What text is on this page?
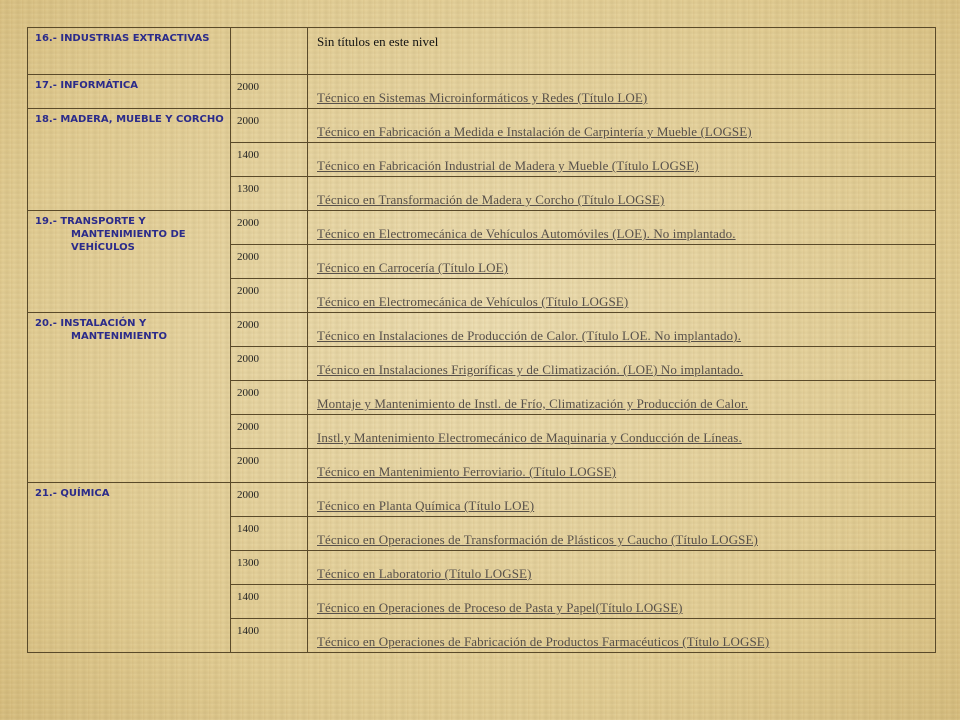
16.- INDUSTRIAS EXTRACTIVAS		Sin títulos en este nivel

17.- INFORMÁTICA	2000	Técnico en Sistemas Microinformáticos y Redes (Título LOE)

18.- MADERA, MUEBLE Y CORCHO	2000	Técnico en Fabricación a Medida e Instalación de Carpintería y Mueble (LOGSE)
	1400	Técnico en Fabricación Industrial de Madera y Mueble (Título LOGSE)
	1300	Técnico en Transformación de Madera y Corcho (Título LOGSE)

19.- TRANSPORTE Y
MANTENIMIENTO DE
VEHÍCULOS	2000	Técnico en Electromecánica de Vehículos Automóviles (LOE). No implantado.
	2000	Técnico en Carrocería (Título LOE)
	2000	Técnico en Electromecánica de Vehículos (Título LOGSE)

20.- INSTALACIÓN Y
MANTENIMIENTO	2000	Técnico en Instalaciones de Producción de Calor. (Título LOE. No implantado).
	2000	Técnico en Instalaciones Frigoríficas y de Climatización. (LOE) No implantado.
	2000	Montaje y Mantenimiento de Instl. de Frío, Climatización y Producción de Calor.
	2000	Instl.y Mantenimiento Electromecánico de Maquinaria y Conducción de Líneas.
	2000	Técnico en Mantenimiento Ferroviario. (Título LOGSE)

21.- QUÍMICA	2000	Técnico en Planta Química (Título LOE)
	1400	Técnico en Operaciones de Transformación de Plásticos y Caucho (Título LOGSE)
	1300	Técnico en Laboratorio (Título LOGSE)
	1400	Técnico en Operaciones de Proceso de Pasta y Papel(Título LOGSE)
	1400	Técnico en Operaciones de Fabricación de Productos Farmacéuticos (Título LOGSE)
